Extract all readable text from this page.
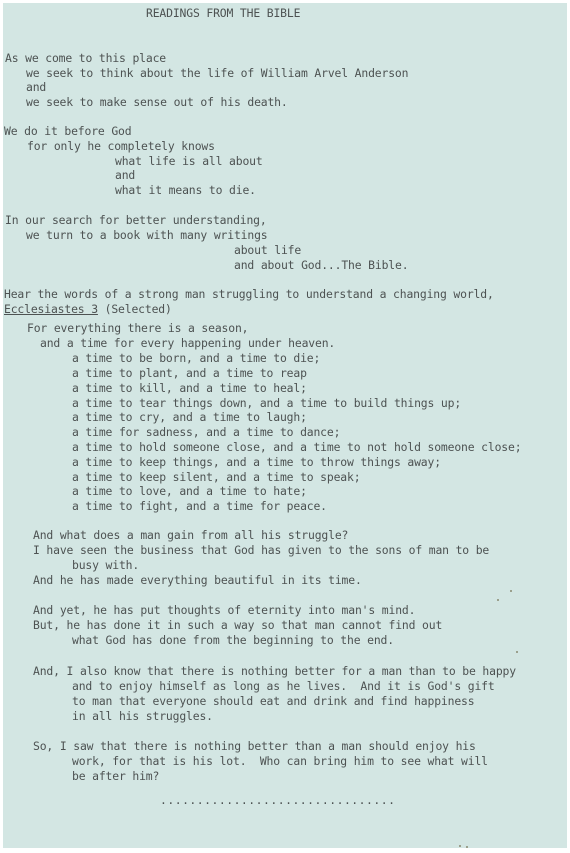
READINGS FROM THE BIBLE

As we come to this place

we seek to think about the life of William Arvel Anderson

and

we seek to make sense out of his death.

We do it before God

for only he completely knows

what life is all about

and

what it means to die.

In our search for better understanding,

we turn to a book with many writings

about life

and about God...The Bible.

Hear the words of a strong man struggling to understand a changing world,

Ecclesiastes 3 (Selected)

For everything there is a season,

and a time for every happening under heaven.

a time to be born, and a time to die;

a time to plant, and a time to reap

a time to kill, and a time to heal;

a time to tear things down, and a time to build things up;

a time to cry, and a time to laugh;

a time for sadness, and a time to dance;

a time to hold someone close, and a time to not hold someone close;

a time to keep things, and a time to throw things away;

a time to keep silent, and a time to speak;

a time to love, and a time to hate;

a time to fight, and a time for peace.

And what does a man gain from all his struggle?

I have seen the business that God has given to the sons of man to be

busy with.

And he has made everything beautiful in its time.

And yet, he has put thoughts of eternity into man's mind.

But, he has done it in such a way so that man cannot find out

what God has done from the beginning to the end.

And, I also know that there is nothing better for a man than to be happy

and to enjoy himself as long as he lives.  And it is God's gift

to man that everyone should eat and drink and find happiness

in all his struggles.

So, I saw that there is nothing better than a man should enjoy his

work, for that is his lot.  Who can bring him to see what will

be after him?

................................
